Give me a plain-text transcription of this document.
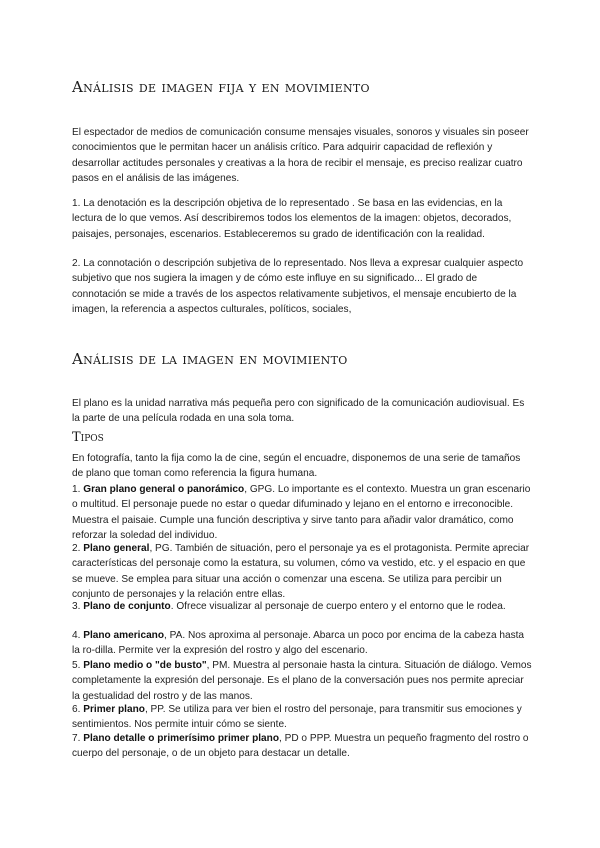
Análisis de imagen fija y en movimiento

El espectador de medios de comunicación consume mensajes visuales, sonoros y visuales sin poseer conocimientos que le permitan hacer un análisis crítico. Para adquirir capacidad de reflexión y desarrollar actitudes personales y creativas a la hora de recibir el mensaje, es preciso realizar cuatro pasos en el análisis de las imágenes.

1. La denotación es la descripción objetiva de lo representado . Se basa en las evidencias, en la lectura de lo que vemos. Así describiremos todos los elementos de la imagen: objetos, decorados, paisajes, personajes, escenarios. Estableceremos su grado de identificación con la realidad.

2. La connotación o descripción subjetiva de lo representado. Nos lleva a expresar cualquier aspecto subjetivo que nos sugiera la imagen y de cómo este influye en su significado... El grado de connotación se mide a través de los aspectos relativamente subjetivos, el mensaje encubierto de la imagen, la referencia a aspectos culturales, políticos, sociales,

Análisis de la imagen en movimiento

El plano es la unidad narrativa más pequeña pero con significado de la comunicación audiovisual. Es la parte de una película rodada en una sola toma.

Tipos

En fotografía, tanto la fija como la de cine, según el encuadre, disponemos de una serie de tamaños de plano que toman como referencia la figura humana.

1. Gran plano general o panorámico, GPG. Lo importante es el contexto. Muestra un gran escenario o multitud. El personaje puede no estar o quedar difuminado y lejano en el entorno e irreconocible. Muestra el paisaie. Cumple una función descriptiva y sirve tanto para añadir valor dramático, como reforzar la soledad del individuo.

2. Plano general, PG. También de situación, pero el personaje ya es el protagonista. Permite apreciar características del personaje como la estatura, su volumen, cómo va vestido, etc. y el espacio en que se mueve. Se emplea para situar una acción o comenzar una escena. Se utiliza para percibir un conjunto de personajes y la relación entre ellas.

3. Plano de conjunto. Ofrece visualizar al personaje de cuerpo entero y el entorno que le rodea.

4. Plano americano, PA. Nos aproxima al personaje. Abarca un poco por encima de la cabeza hasta la ro-dilla. Permite ver la expresión del rostro y algo del escenario.

5. Plano medio o "de busto", PM. Muestra al personaie hasta la cintura. Situación de diálogo. Vemos completamente la expresión del personaje. Es el plano de la conversación pues nos permite apreciar la gestualidad del rostro y de las manos.

6. Primer plano, PP. Se utiliza para ver bien el rostro del personaje, para transmitir sus emociones y sentimientos. Nos permite intuir cómo se siente.

7. Plano detalle o primerísimo primer plano, PD o PPP. Muestra un pequeño fragmento del rostro o cuerpo del personaje, o de un objeto para destacar un detalle.
